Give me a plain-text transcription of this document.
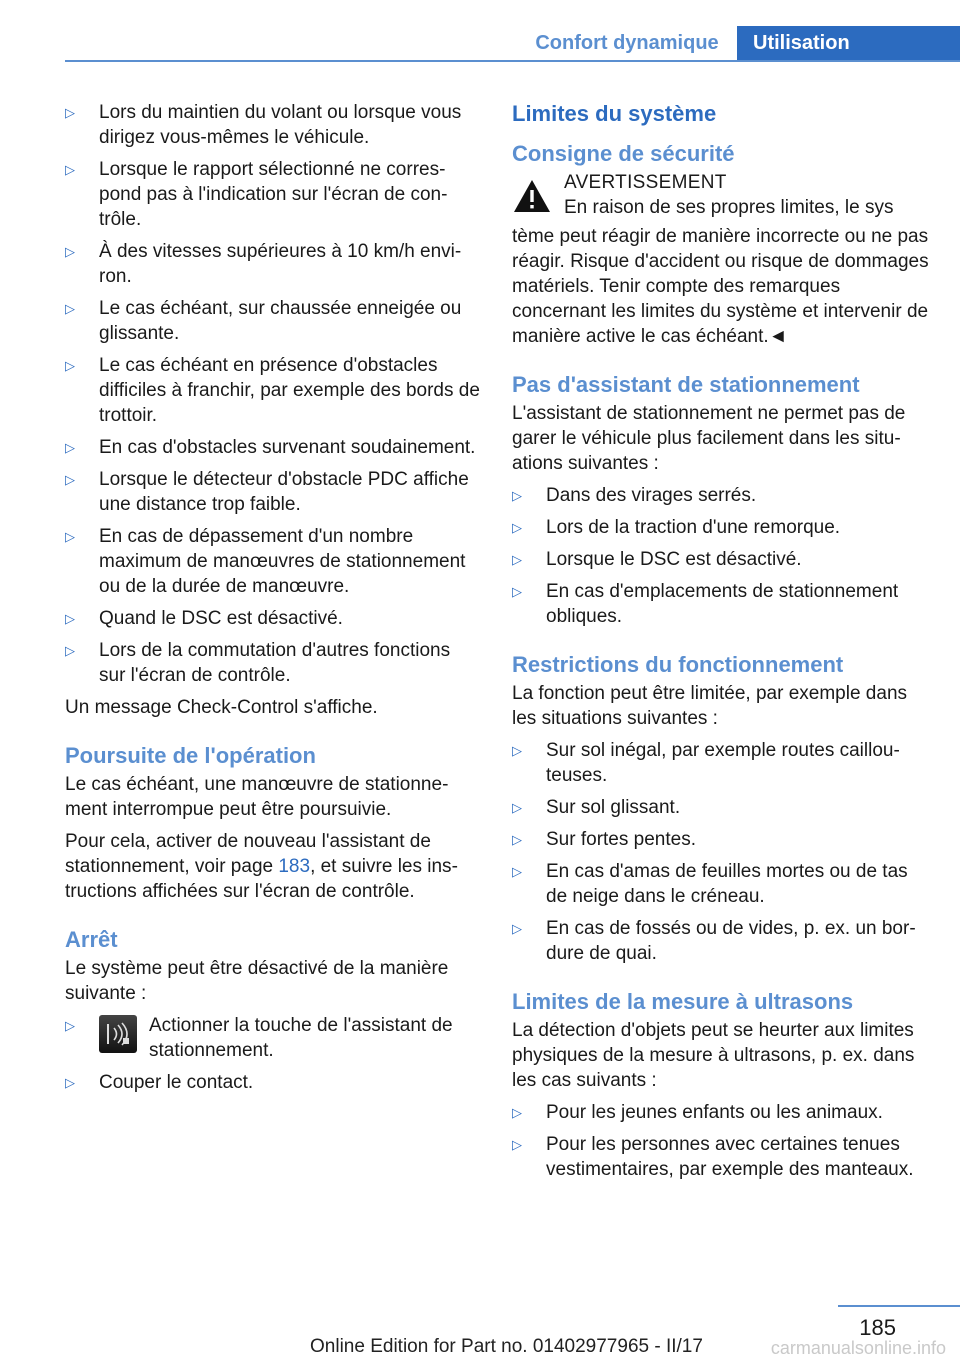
Confort dynamique	Utilisation
▷	Lors du maintien du volant ou lorsque vous dirigez vous-mêmes le véhicule.
▷	Lorsque le rapport sélectionné ne correspond pas à l'indication sur l'écran de contrôle.
▷	À des vitesses supérieures à 10 km/h environ.
▷	Le cas échéant, sur chaussée enneigée ou glissante.
▷	Le cas échéant en présence d'obstacles difficiles à franchir, par exemple des bords de trottoir.
▷	En cas d'obstacles survenant soudainement.
▷	Lorsque le détecteur d'obstacle PDC affiche une distance trop faible.
▷	En cas de dépassement d'un nombre maximum de manœuvres de stationnement ou de la durée de manœuvre.
▷	Quand le DSC est désactivé.
▷	Lors de la commutation d'autres fonctions sur l'écran de contrôle.

Un message Check-Control s'affiche.

Poursuite de l'opération

Le cas échéant, une manœuvre de stationnement interrompue peut être poursuivie.

Pour cela, activer de nouveau l'assistant de stationnement, voir page 183, et suivre les instructions affichées sur l'écran de contrôle.

Arrêt

Le système peut être désactivé de la manière suivante :

▷	Actionner la touche de l'assistant de stationnement.
▷	Couper le contact.
Limites du système
Consigne de sécurité
AVERTISSEMENT
En raison de ses propres limites, le sys

tème peut réagir de manière incorrecte ou ne pas réagir. Risque d'accident ou risque de dommages matériels. Tenir compte des remarques concernant les limites du système et intervenir de manière active le cas échéant.◄

Pas d'assistant de stationnement

L'assistant de stationnement ne permet pas de garer le véhicule plus facilement dans les situations suivantes :

▷	Dans des virages serrés.
▷	Lors de la traction d'une remorque.
▷	Lorsque le DSC est désactivé.
▷	En cas d'emplacements de stationnement obliques.
Restrictions du fonctionnement

La fonction peut être limitée, par exemple dans les situations suivantes :

▷	Sur sol inégal, par exemple routes caillouteuses.
▷	Sur sol glissant.
▷	Sur fortes pentes.
▷	En cas d'amas de feuilles mortes ou de tas de neige dans le créneau.
▷	En cas de fossés ou de vides, p. ex. un bordure de quai.
Limites de la mesure à ultrasons

La détection d'objets peut se heurter aux limites physiques de la mesure à ultrasons, p. ex. dans les cas suivants :

▷	Pour les jeunes enfants ou les animaux.
▷	Pour les personnes avec certaines tenues vestimentaires, par exemple des manteaux.
185
Online Edition for Part no. 01402977965 - II/17	carmanualsonline.info
